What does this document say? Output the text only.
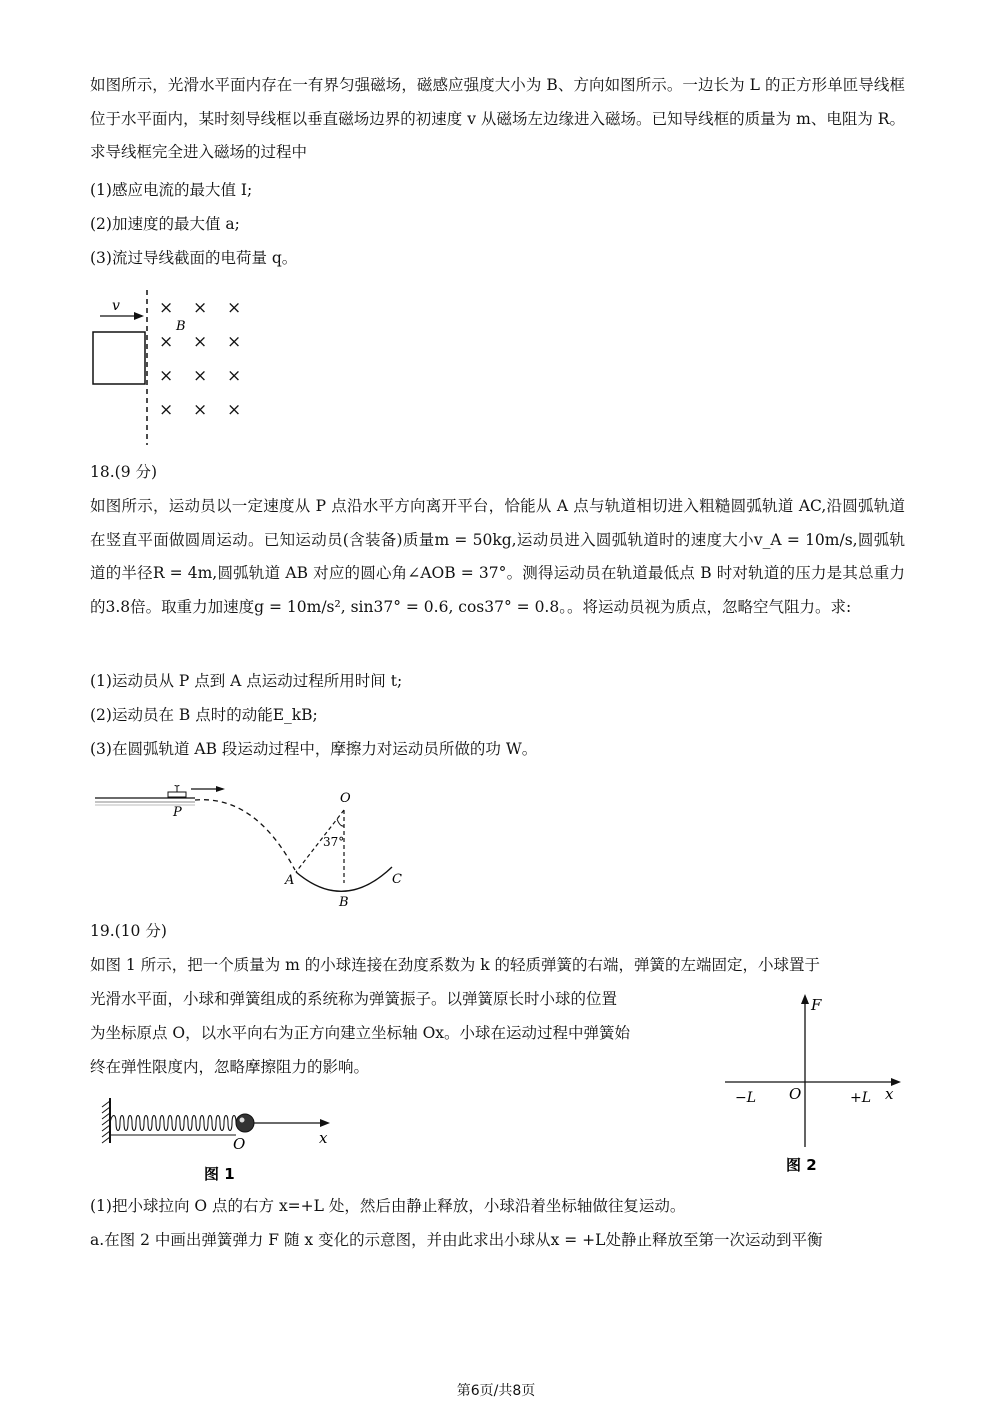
如图所示，光滑水平面内存在一有界匀强磁场，磁感应强度大小为 B、方向如图所示。一边长为 L 的正方形单匝导线框位于水平面内，某时刻导线框以垂直磁场边界的初速度 v 从磁场左边缘进入磁场。已知导线框的质量为 m、电阻为 R。求导线框完全进入磁场的过程中

(1)感应电流的最大值 I;
(2)加速度的最大值 a;
(3)流过导线截面的电荷量 q。
v
B
× × ×
× × ×
× × ×
× × ×
18.(9 分)

如图所示，运动员以一定速度从 P 点沿水平方向离开平台，恰能从 A 点与轨道相切进入粗糙圆弧轨道 AC,沿圆弧轨道在竖直平面做圆周运动。已知运动员(含装备)质量m = 50kg,运动员进入圆弧轨道时的速度大小v_A = 10m/s,圆弧轨道的半径R = 4m,圆弧轨道 AB 对应的圆心角∠AOB = 37°。测得运动员在轨道最低点 B 时对轨道的压力是其总重力的3.8倍。取重力加速度g = 10m/s², sin37° = 0.6, cos37° = 0.8。。将运动员视为质点，忽略空气阻力。求:

(1)运动员从 P 点到 A 点运动过程所用时间 t;
(2)运动员在 B 点时的动能E_kB;
(3)在圆弧轨道 AB 段运动过程中，摩擦力对运动员所做的功 W。
P
O
37°
A
B
C
19.(10 分)
如图 1 所示，把一个质量为 m 的小球连接在劲度系数为 k 的轻质弹簧的右端，弹簧的左端固定，小球置于
光滑水平面，小球和弹簧组成的系统称为弹簧振子。以弹簧原长时小球的位置
为坐标原点 O，以水平向右为正方向建立坐标轴 Ox。小球在运动过程中弹簧始
终在弹性限度内，忽略摩擦阻力的影响。
O	x
图 1
F
x
O
−L	+L
图 2
(1)把小球拉向 O 点的右方 x=+L 处，然后由静止释放，小球沿着坐标轴做往复运动。
a.在图 2 中画出弹簧弹力 F 随 x 变化的示意图，并由此求出小球从x = +L处静止释放至第一次运动到平衡
第6页/共8页
